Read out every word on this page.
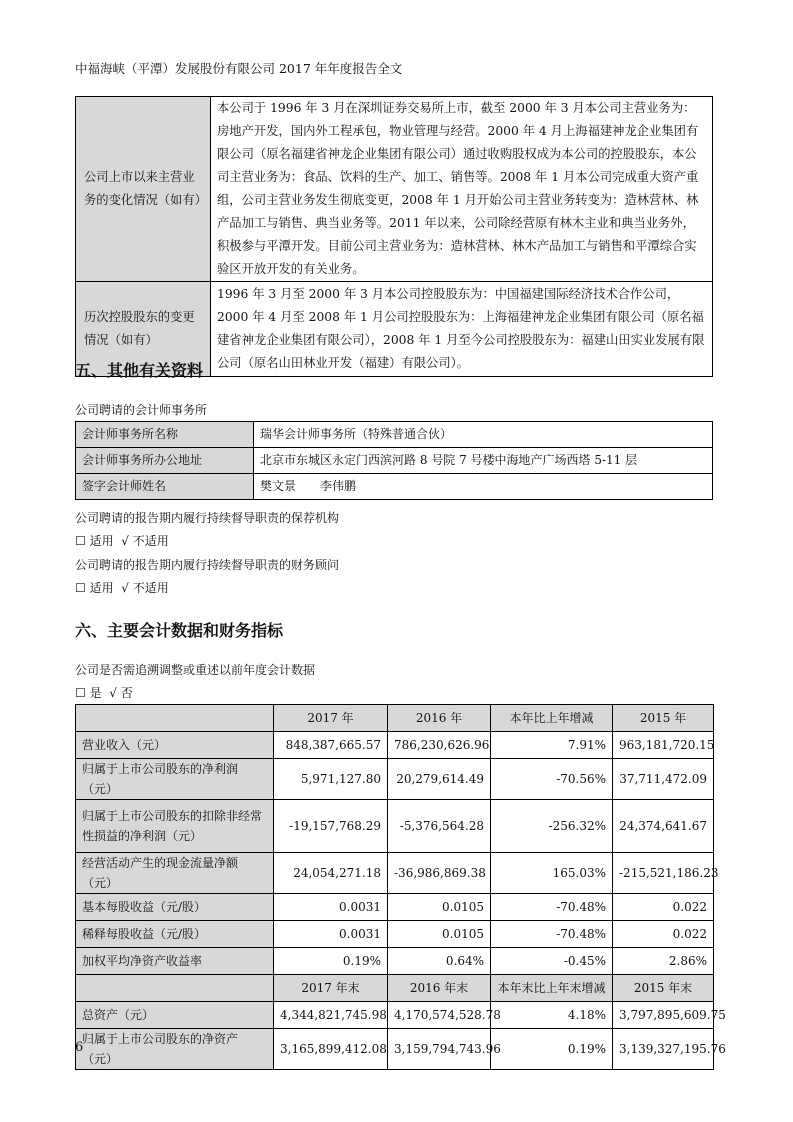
中福海峡（平潭）发展股份有限公司 2017 年年度报告全文
公司上市以来主营业务的变化情况（如有）	本公司于 1996 年 3 月在深圳证券交易所上市，截至 2000 年 3 月本公司主营业务为：房地产开发，国内外工程承包，物业管理与经营。2000 年 4 月上海福建神龙企业集团有限公司（原名福建省神龙企业集团有限公司）通过收购股权成为本公司的控股股东，本公司主营业务为：食品、饮料的生产、加工、销售等。2008 年 1 月本公司完成重大资产重组，公司主营业务发生彻底变更，2008 年 1 月开始公司主营业务转变为：造林营林、林产品加工与销售、典当业务等。2011 年以来，公司除经营原有林木主业和典当业务外，积极参与平潭开发。目前公司主营业务为：造林营林、林木产品加工与销售和平潭综合实验区开放开发的有关业务。
历次控股股东的变更情况（如有）	1996 年 3 月至 2000 年 3 月本公司控股股东为：中国福建国际经济技术合作公司，2000 年 4 月至 2008 年 1 月公司控股股东为：上海福建神龙企业集团有限公司（原名福建省神龙企业集团有限公司），2008 年 1 月至今公司控股股东为：福建山田实业发展有限公司（原名山田林业开发（福建）有限公司）。
五、其他有关资料
公司聘请的会计师事务所
会计师事务所名称	瑞华会计师事务所（特殊普通合伙）
会计师事务所办公地址	北京市东城区永定门西滨河路 8 号院 7 号楼中海地产广场西塔 5-11 层
签字会计师姓名	樊文景　　李伟鹏
公司聘请的报告期内履行持续督导职责的保荐机构
☐ 适用 √ 不适用
公司聘请的报告期内履行持续督导职责的财务顾问
☐ 适用 √ 不适用
六、主要会计数据和财务指标
公司是否需追溯调整或重述以前年度会计数据
☐ 是 √ 否
	2017 年	2016 年	本年比上年增减	2015 年
营业收入（元）	848,387,665.57	786,230,626.96	7.91%	963,181,720.15
归属于上市公司股东的净利润（元）	5,971,127.80	20,279,614.49	-70.56%	37,711,472.09
归属于上市公司股东的扣除非经常性损益的净利润（元）	-19,157,768.29	-5,376,564.28	-256.32%	24,374,641.67
经营活动产生的现金流量净额（元）	24,054,271.18	-36,986,869.38	165.03%	-215,521,186.23
基本每股收益（元/股）	0.0031	0.0105	-70.48%	0.022
稀释每股收益（元/股）	0.0031	0.0105	-70.48%	0.022
加权平均净资产收益率	0.19%	0.64%	-0.45%	2.86%
	2017 年末	2016 年末	本年末比上年末增减	2015 年末
总资产（元）	4,344,821,745.98	4,170,574,528.78	4.18%	3,797,895,609.75
归属于上市公司股东的净资产（元）	3,165,899,412.08	3,159,794,743.96	0.19%	3,139,327,195.76
6
